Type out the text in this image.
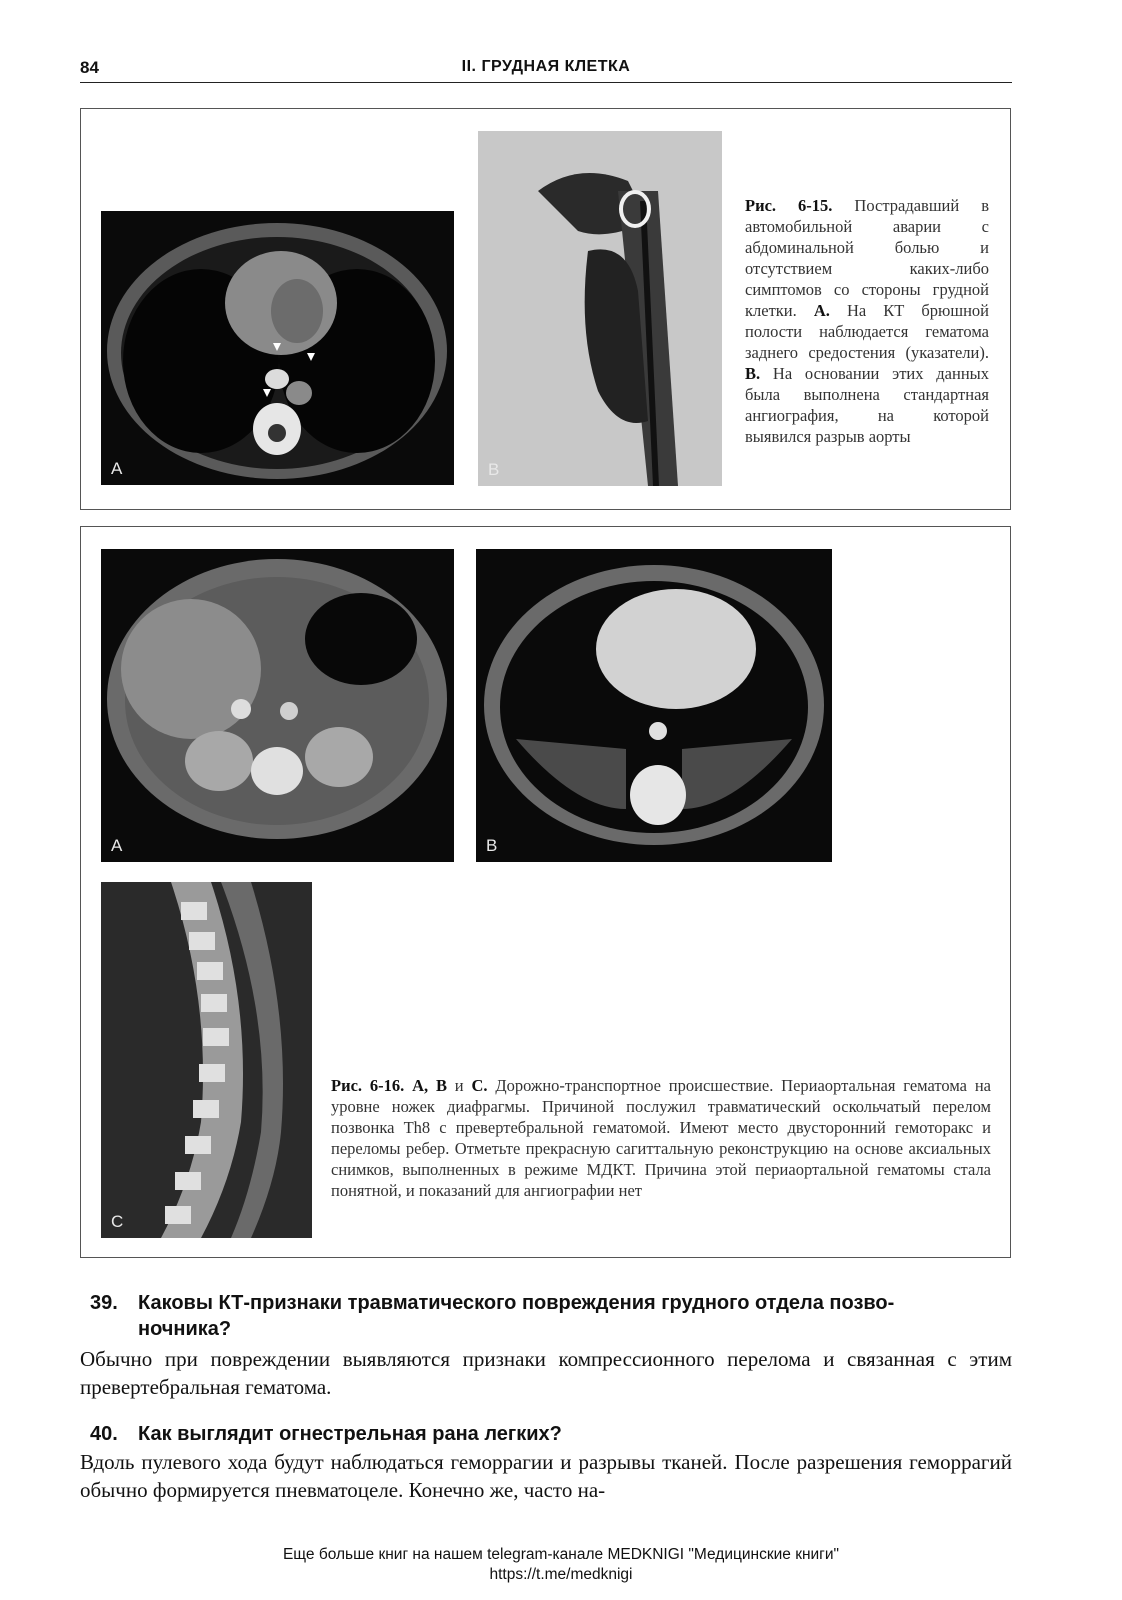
84	II. ГРУДНАЯ КЛЕТКА
A	B
Рис. 6-15. Пострадавший в автомобильной аварии с абдоминальной болью и отсутствием каких-либо симптомов со стороны грудной клетки. А. На КТ брюшной полости наблюдается гематома заднего средостения (указатели). В. На основании этих данных была выполнена стандартная ангиография, на которой выявился разрыв аорты
A	B
C
Рис. 6-16. А, В и С. Дорожно-транспортное происшествие. Периаортальная гематома на уровне ножек диафрагмы. Причиной послужил травматический оскольчатый перелом позвонка Th8 с превертебральной гематомой. Имеют место двусторонний гемоторакс и переломы ребер. Отметьте прекрасную сагиттальную реконструкцию на основе аксиальных снимков, выполненных в режиме МДКТ. Причина этой периаортальной гематомы стала понятной, и показаний для ангиографии нет
39. Каковы КТ-признаки травматического повреждения грудного отдела позво-
ночника?
Обычно при повреждении выявляются признаки компрессионного перелома и связанная с этим превертебральная гематома.
40. Как выглядит огнестрельная рана легких?
Вдоль пулевого хода будут наблюдаться геморрагии и разрывы тканей. После разрешения геморрагий обычно формируется пневматоцеле. Конечно же, часто на-
Еще больше книг на нашем telegram-канале MEDKNIGI "Медицинские книги"
https://t.me/medknigi
